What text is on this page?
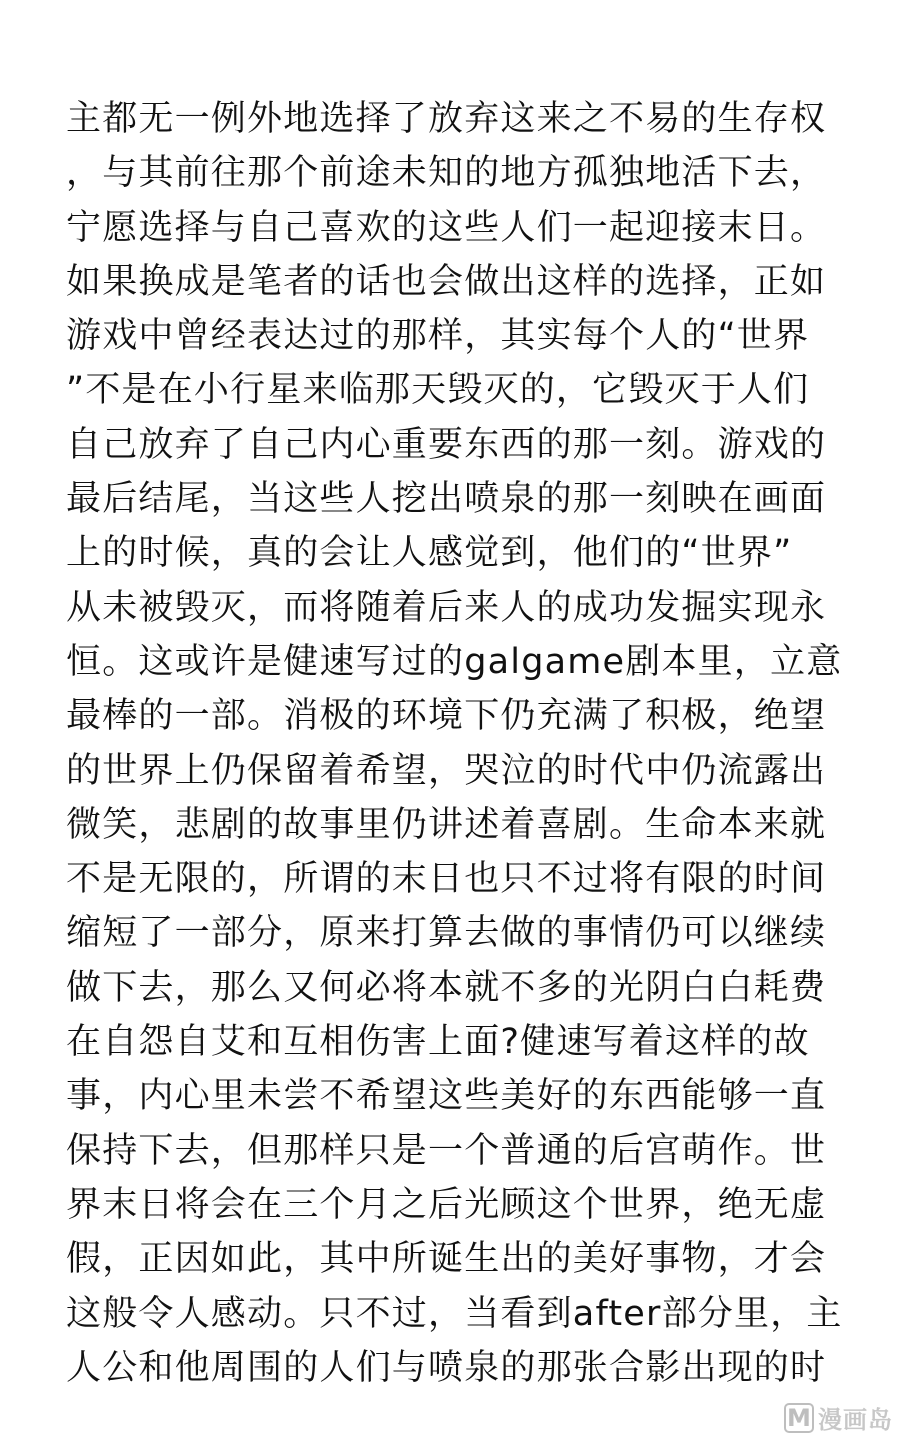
主都无一例外地选择了放弃这来之不易的生存权
，与其前往那个前途未知的地方孤独地活下去，
宁愿选择与自己喜欢的这些人们一起迎接末日。
如果换成是笔者的话也会做出这样的选择，正如
游戏中曾经表达过的那样，其实每个人的“世界
”不是在小行星来临那天毁灭的，它毁灭于人们
自己放弃了自己内心重要东西的那一刻。游戏的
最后结尾，当这些人挖出喷泉的那一刻映在画面
上的时候，真的会让人感觉到，他们的“世界”
从未被毁灭，而将随着后来人的成功发掘实现永
恒。这或许是健速写过的galgame剧本里，立意
最棒的一部。消极的环境下仍充满了积极，绝望
的世界上仍保留着希望，哭泣的时代中仍流露出
微笑，悲剧的故事里仍讲述着喜剧。生命本来就
不是无限的，所谓的末日也只不过将有限的时间
缩短了一部分，原来打算去做的事情仍可以继续
做下去，那么又何必将本就不多的光阴白白耗费
在自怨自艾和互相伤害上面?健速写着这样的故
事，内心里未尝不希望这些美好的东西能够一直
保持下去，但那样只是一个普通的后宫萌作。世
界末日将会在三个月之后光顾这个世界，绝无虚
假，正因如此，其中所诞生出的美好事物，才会
这般令人感动。只不过，当看到after部分里，主
人公和他周围的人们与喷泉的那张合影出现的时
M 漫画岛
